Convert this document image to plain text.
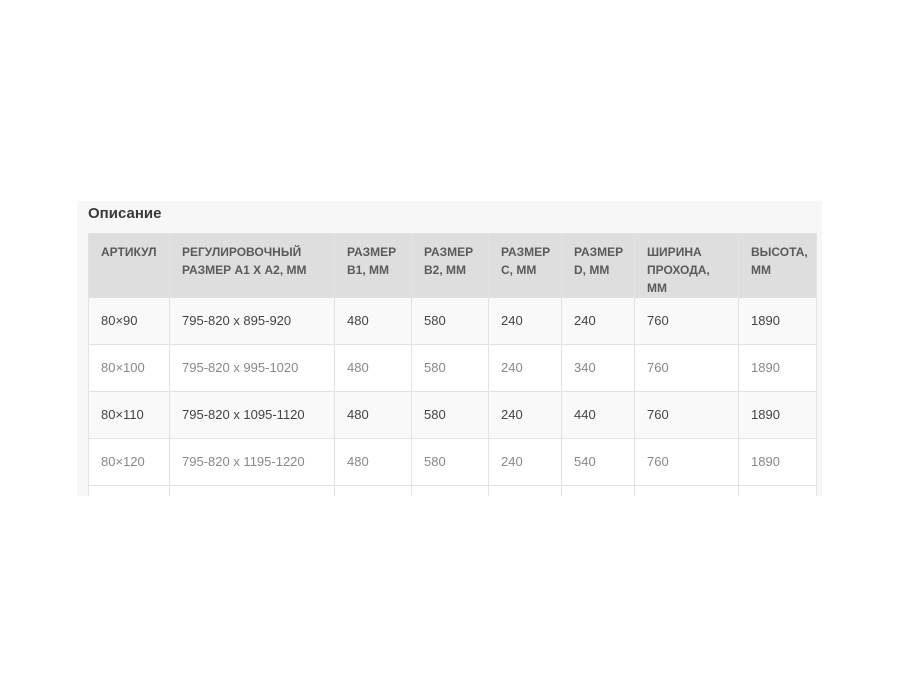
Описание
АРТИКУЛ	РЕГУЛИРОВОЧНЫЙ РАЗМЕР А1 Х А2, ММ	РАЗМЕР В1, ММ	РАЗМЕР В2, ММ	РАЗМЕР С, ММ	РАЗМЕР D, ММ	ШИРИНА ПРОХОДА, ММ	ВЫСОТА, ММ
80×90	795-820 x 895-920	480	580	240	240	760	1890
80×100	795-820 x 995-1020	480	580	240	340	760	1890
80×110	795-820 x 1095-1120	480	580	240	440	760	1890
80×120	795-820 x 1195-1220	480	580	240	540	760	1890
